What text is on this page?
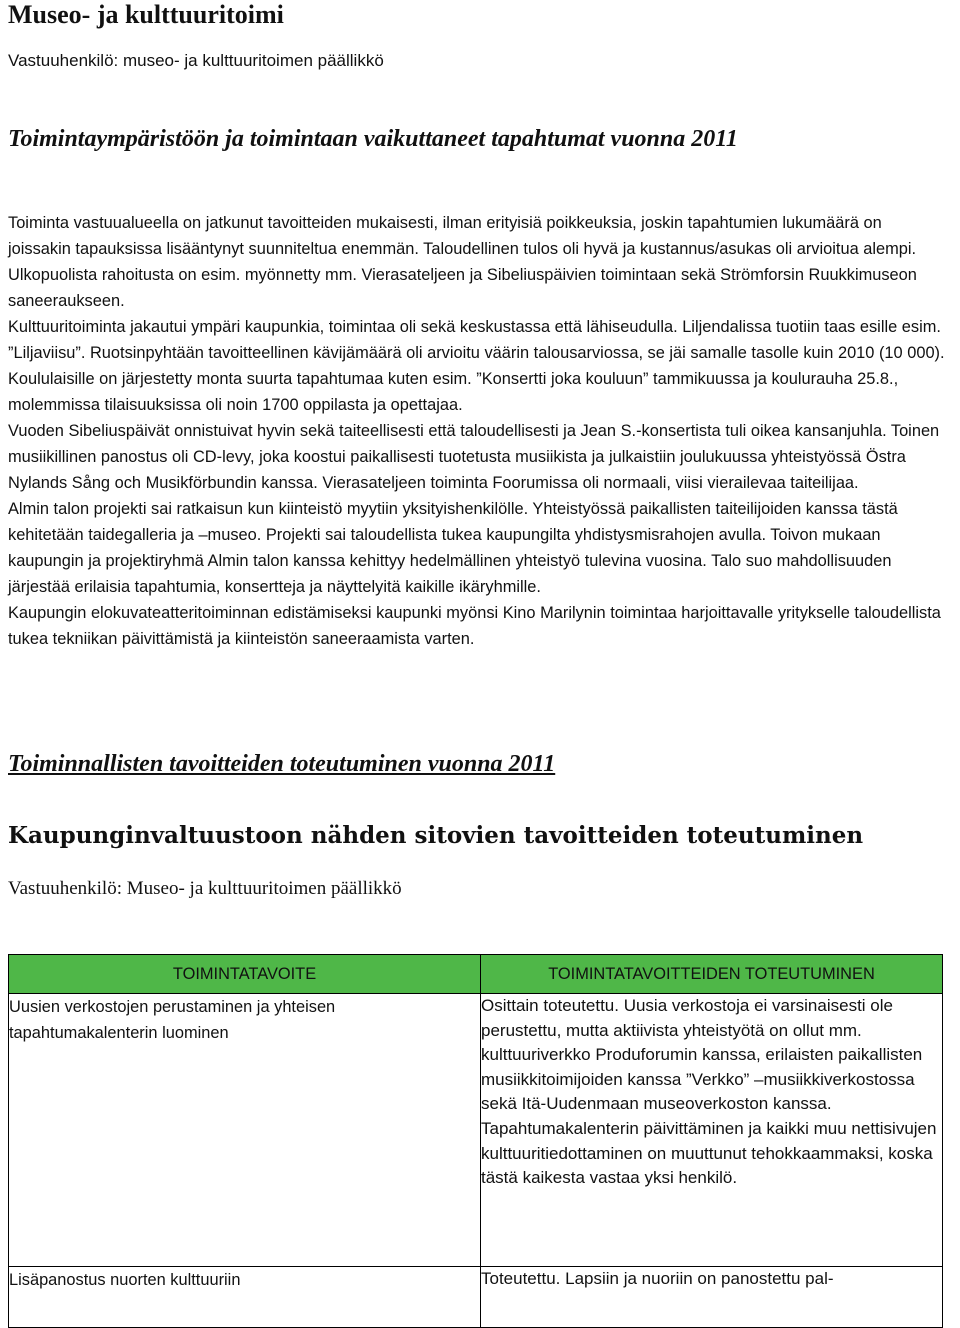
Museo- ja kulttuuritoimi
Vastuuhenkilö: museo- ja kulttuuritoimen päällikkö
Toimintaympäristöön ja toimintaan vaikuttaneet tapahtumat vuonna 2011

Toiminta vastuualueella on jatkunut tavoitteiden mukaisesti, ilman erityisiä poikkeuksia, joskin tapahtumien lukumäärä on joissakin tapauksissa lisääntynyt suunniteltua enemmän. Taloudellinen tulos oli hyvä ja kustannus/asukas oli arvioitua alempi. Ulkopuolista rahoitusta on esim. myönnetty mm. Vierasateljeen ja Sibeliuspäivien toimintaan sekä Strömforsin Ruukkimuseon saneeraukseen.

Kulttuuritoiminta jakautui ympäri kaupunkia, toimintaa oli sekä keskustassa että lähiseudulla. Liljendalissa tuotiin taas esille esim. ”Liljaviisu”. Ruotsinpyhtään tavoitteellinen kävijämäärä oli arvioitu väärin talousarviossa, se jäi samalle tasolle kuin 2010 (10 000). Koululaisille on järjestetty monta suurta tapahtumaa kuten esim. ”Konsertti joka kouluun” tammikuussa ja koulurauha 25.8., molemmissa tilaisuuksissa oli noin 1700 oppilasta ja opettajaa.

Vuoden Sibeliuspäivät onnistuivat hyvin sekä taiteellisesti että taloudellisesti ja Jean S.-konsertista tuli oikea kansanjuhla. Toinen musiikillinen panostus oli CD-levy, joka koostui paikallisesti tuotetusta musiikista ja julkaistiin joulukuussa yhteistyössä Östra Nylands Sång och Musikförbundin kanssa. Vierasateljeen toiminta Foorumissa oli normaali, viisi vierailevaa taiteilijaa.

Almin talon projekti sai ratkaisun kun kiinteistö myytiin yksityishenkilölle. Yhteistyössä paikallisten taiteilijoiden kanssa tästä kehitetään taidegalleria ja –museo. Projekti sai taloudellista tukea kaupungilta yhdistysmisrahojen avulla. Toivon mukaan kaupungin ja projektiryhmä Almin talon kanssa kehittyy hedelmällinen yhteistyö tulevina vuosina. Talo suo mahdollisuuden järjestää erilaisia tapahtumia, konsertteja ja näyttelyitä kaikille ikäryhmille.

Kaupungin elokuvateatteritoiminnan edistämiseksi kaupunki myönsi Kino Marilynin toimintaa harjoittavalle yritykselle taloudellista tukea tekniikan päivittämistä ja kiinteistön saneeraamista varten.

Toiminnallisten tavoitteiden toteutuminen vuonna 2011
Kaupunginvaltuustoon nähden sitovien tavoitteiden toteutuminen
Vastuuhenkilö: Museo- ja kulttuuritoimen päällikkö
TOIMINTATAVOITE	TOIMINTATAVOITTEIDEN TOTEUTUMINEN
Uusien verkostojen perustaminen ja yhteisen tapahtumakalenterin luominen	Osittain toteutettu. Uusia verkostoja ei varsinaisesti ole perustettu, mutta aktiivista yhteistyötä on ollut mm. kulttuuriverkko Produforumin kanssa, erilaisten paikallisten musiikkitoimijoiden kanssa ”Verkko” –musiikkiverkostossa sekä Itä-Uudenmaan museoverkoston kanssa. Tapahtumakalenterin päivittäminen ja kaikki muu nettisivujen kulttuuritiedottaminen on muuttunut tehokkaammaksi, koska tästä kaikesta vastaa yksi henkilö.
Lisäpanostus nuorten kulttuuriin	Toteutettu. Lapsiin ja nuoriin on panostettu pal-
